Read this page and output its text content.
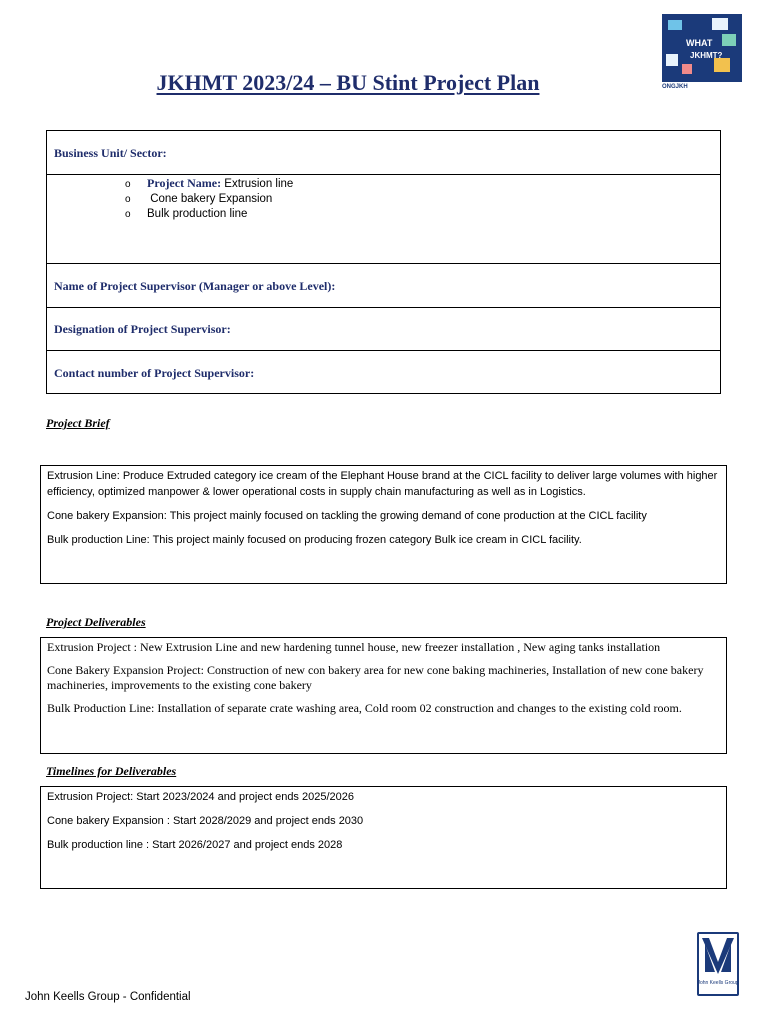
JKHMT 2023/24 – BU Stint Project Plan
WHAT
JKHMT?
ONGJKH
Business Unit/ Sector:
o Project Name: Extrusion line
o Cone bakery Expansion
o Bulk production line
Name of Project Supervisor (Manager or above Level):
Designation of Project Supervisor:
Contact number of Project Supervisor:
Project Brief

Extrusion Line: Produce Extruded category ice cream of the Elephant House brand at the CICL facility to deliver large volumes with higher efficiency, optimized manpower & lower operational costs in supply chain manufacturing as well as in Logistics.

Cone bakery Expansion: This project mainly focused on tackling the growing demand of cone production at the CICL facility

Bulk production Line: This project mainly focused on producing frozen category Bulk ice cream in CICL facility.

Project Deliverables

Extrusion Project : New Extrusion Line and new hardening tunnel house, new freezer installation , New aging tanks installation

Cone Bakery Expansion Project: Construction of new con bakery area for new cone baking machineries, Installation of new cone bakery machineries, improvements to the existing cone bakery

Bulk Production Line: Installation of separate crate washing area, Cold room 02 construction and changes to the existing cold room.

Timelines for Deliverables

Extrusion Project: Start 2023/2024 and project ends 2025/2026

Cone bakery Expansion : Start 2028/2029 and project ends 2030

Bulk production line : Start 2026/2027 and project ends 2028

John Keells Group
John Keells Group - Confidential
